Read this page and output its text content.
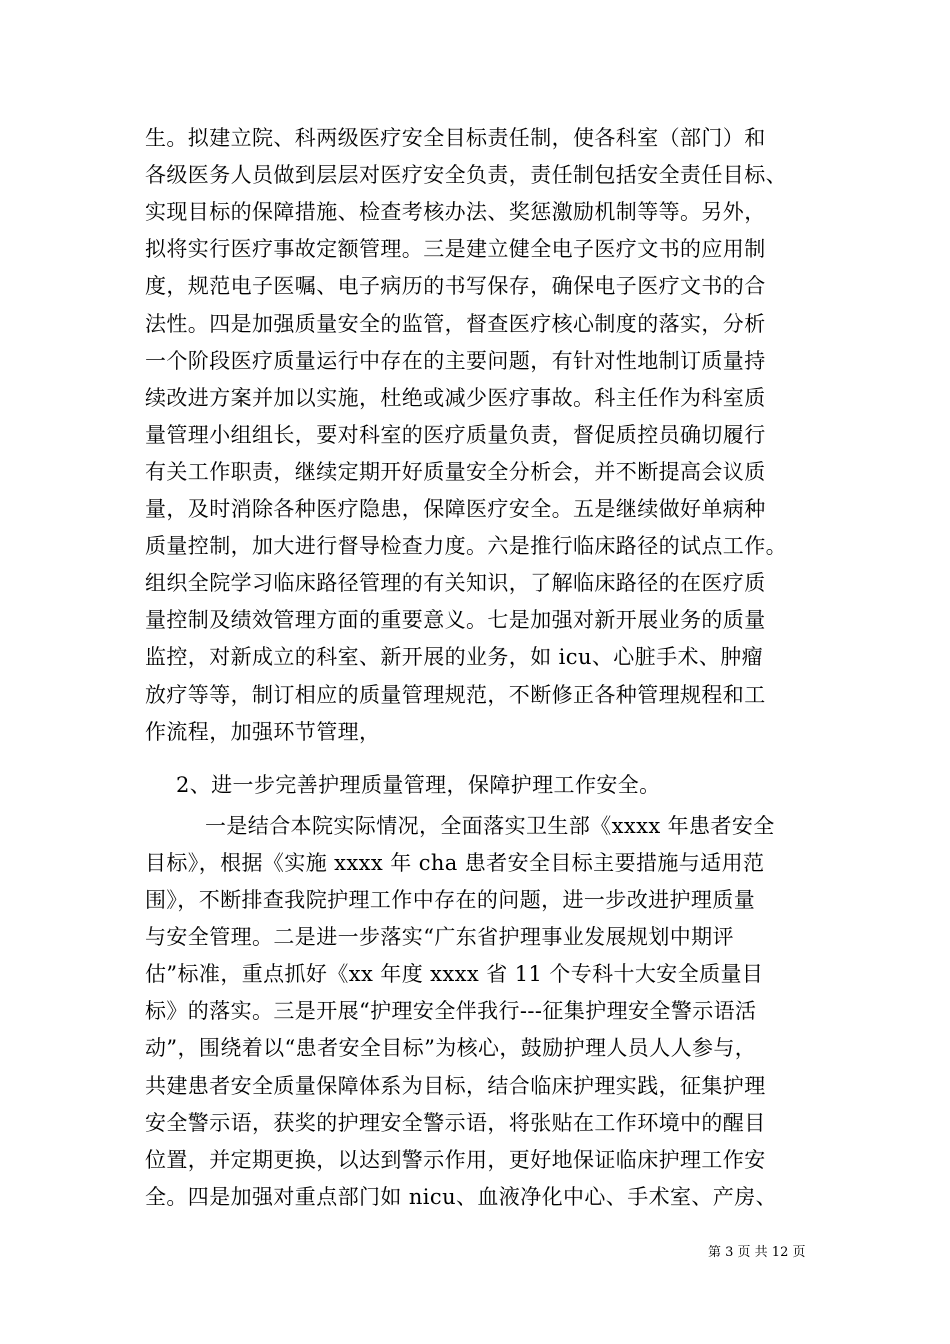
生。拟建立院、科两级医疗安全目标责任制，使各科室（部门）和
各级医务人员做到层层对医疗安全负责，责任制包括安全责任目标、
实现目标的保障措施、检查考核办法、奖惩激励机制等等。另外，
拟将实行医疗事故定额管理。三是建立健全电子医疗文书的应用制
度，规范电子医嘱、电子病历的书写保存，确保电子医疗文书的合
法性。四是加强质量安全的监管，督查医疗核心制度的落实，分析
一个阶段医疗质量运行中存在的主要问题，有针对性地制订质量持
续改进方案并加以实施，杜绝或减少医疗事故。科主任作为科室质
量管理小组组长，要对科室的医疗质量负责，督促质控员确切履行
有关工作职责，继续定期开好质量安全分析会，并不断提高会议质
量，及时消除各种医疗隐患，保障医疗安全。五是继续做好单病种
质量控制，加大进行督导检查力度。六是推行临床路径的试点工作。
组织全院学习临床路径管理的有关知识，了解临床路径的在医疗质
量控制及绩效管理方面的重要意义。七是加强对新开展业务的质量
监控，对新成立的科室、新开展的业务，如 icu、心脏手术、肿瘤
放疗等等，制订相应的质量管理规范，不断修正各种管理规程和工
作流程，加强环节管理，
2、进一步完善护理质量管理，保障护理工作安全。
一是结合本院实际情况，全面落实卫生部《xxxx 年患者安全
目标》，根据《实施 xxxx 年 cha 患者安全目标主要措施与适用范
围》，不断排查我院护理工作中存在的问题，进一步改进护理质量
与安全管理。二是进一步落实“广东省护理事业发展规划中期评
估”标准，重点抓好《xx 年度 xxxx 省 11 个专科十大安全质量目
标》的落实。三是开展“护理安全伴我行---征集护理安全警示语活
动”，围绕着以“患者安全目标”为核心，鼓励护理人员人人参与，
共建患者安全质量保障体系为目标，结合临床护理实践，征集护理
安全警示语，获奖的护理安全警示语，将张贴在工作环境中的醒目
位置，并定期更换，以达到警示作用，更好地保证临床护理工作安
全。四是加强对重点部门如 nicu、血液净化中心、手术室、产房、
第 3 页 共 12 页
